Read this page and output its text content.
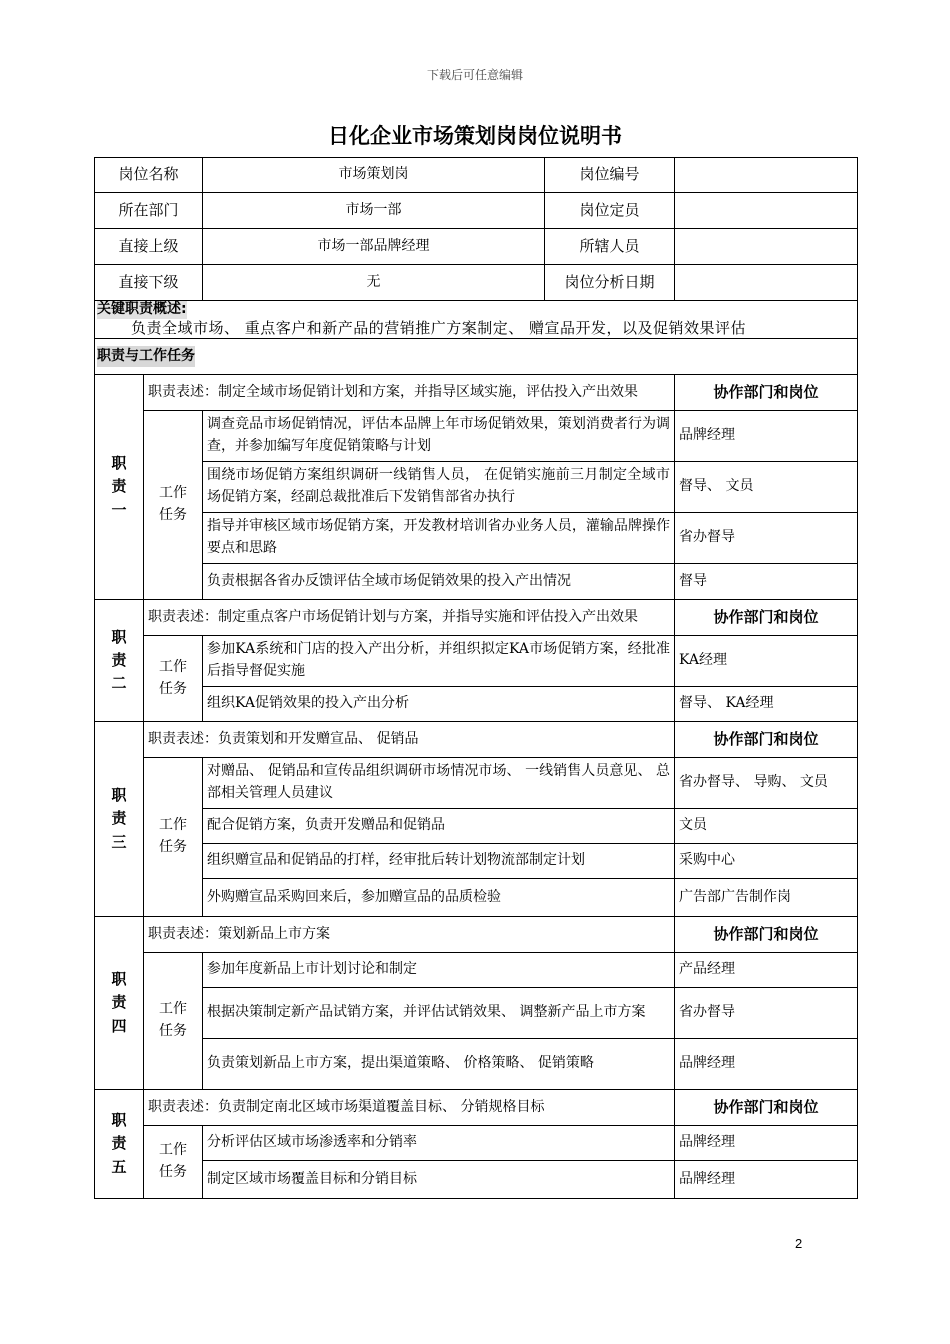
下载后可任意编辑
日化企业市场策划岗岗位说明书
岗位名称		市场策划岗	岗位编号	
所在部门		市场一部	岗位定员	
直接上级		市场一部品牌经理	所辖人员	
直接下级		无	岗位分析日期	

关键职责概述:
负责全域市场、 重点客户和新产品的营销推广方案制定、 赠宣品开发，以及促销效果评估				

职责与工作任务				

职责一	职责表述：制定全域市场促销计划和方案，并指导区域实施，评估投入产出效果			协作部门和岗位

	工作任务	调查竞品市场促销情况，评估本品牌上年市场促销效果，策划消费者行为调查，并参加编写年度促销策略与计划		品牌经理
		围绕市场促销方案组织调研一线销售人员， 在促销实施前三月制定全域市场促销方案，经副总裁批准后下发销售部省办执行		督导、 文员
		指导并审核区域市场促销方案，开发教材培训省办业务人员，灌输品牌操作要点和思路		省办督导
		负责根据各省办反馈评估全域市场促销效果的投入产出情况		督导

职责二	职责表述：制定重点客户市场促销计划与方案，并指导实施和评估投入产出效果			协作部门和岗位

	工作任务	参加KA系统和门店的投入产出分析，并组织拟定KA市场促销方案，经批准后指导督促实施		KA经理
		组织KA促销效果的投入产出分析		督导、 KA经理

职责三	职责表述：负责策划和开发赠宣品、 促销品			协作部门和岗位

	工作任务	对赠品、 促销品和宣传品组织调研市场情况市场、 一线销售人员意见、 总部相关管理人员建议		省办督导、 导购、 文员
		配合促销方案，负责开发赠品和促销品		文员
		组织赠宣品和促销品的打样，经审批后转计划物流部制定计划		采购中心
		外购赠宣品采购回来后，参加赠宣品的品质检验		广告部广告制作岗

职责四	职责表述：策划新品上市方案			协作部门和岗位

	工作任务	参加年度新品上市计划讨论和制定		产品经理
		根据决策制定新产品试销方案，并评估试销效果、 调整新产品上市方案		省办督导
		负责策划新品上市方案，提出渠道策略、 价格策略、 促销策略		品牌经理

职责五	职责表述：负责制定南北区域市场渠道覆盖目标、 分销规格目标			协作部门和岗位

	工作任务	分析评估区域市场渗透率和分销率		品牌经理
		制定区域市场覆盖目标和分销目标		品牌经理
2
